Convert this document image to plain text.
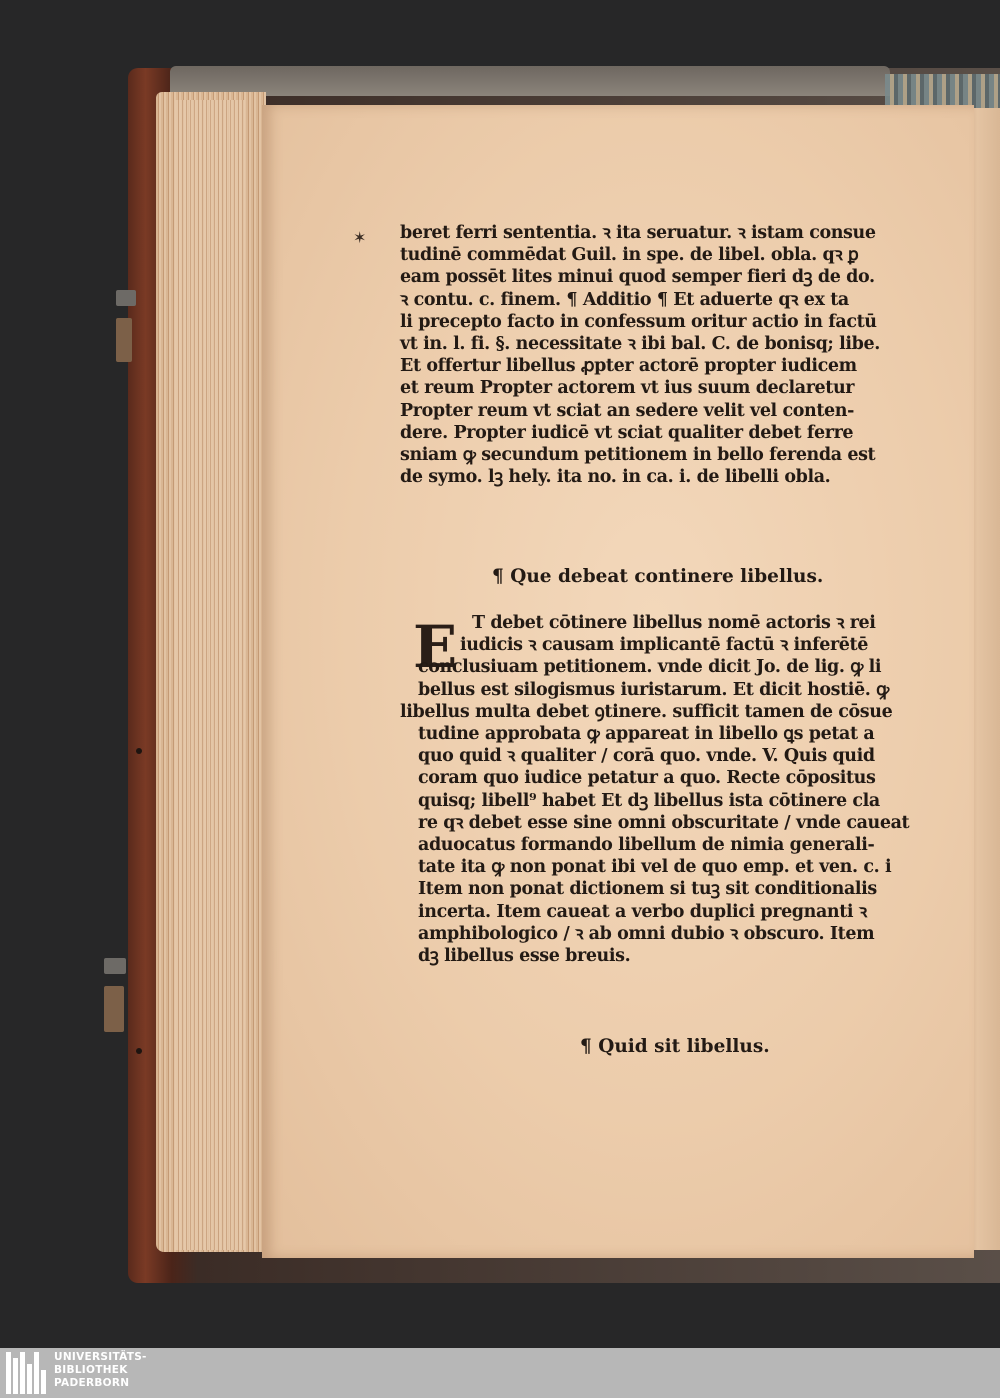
✶ beret ferri sententia. ꝛ ita seruatur. ꝛ istam consue
tudinē commēdat Guil. in spe. de libel. obla. qꝛ ꝑ
eam possēt lites minui quod semper fieri dꝫ de do.
ꝛ contu. c. finem. ¶ Additio ¶ Et aduerte qꝛ ex ta
li precepto facto in confessum oritur actio in factū
vt in. l. fi. §. necessitate ꝛ ibi bal. C. de bonisq; libe.
Et offertur libellus ꝓpter actorē propter iudicem
et reum Propter actorem vt ius suum declaretur
Propter reum vt sciat an sedere velit vel conten-
dere. Propter iudicē vt sciat qualiter debet ferre
sniam ꝙ secundum petitionem in bello ferenda est
de symo. lꝫ hely. ita no. in ca. i. de libelli obla.
¶ Que debeat continere libellus.
E T debet cōtinere libellus nomē actoris ꝛ rei
iudicis ꝛ causam implicantē factū ꝛ inferētē
conclusiuam petitionem. vnde dicit Jo. de lig. ꝙ li
bellus est silogismus iuristarum. Et dicit hostiē. ꝙ
libellus multa debet ꝯtinere. sufficit tamen de cōsue
tudine approbata ꝙ appareat in libello ꝗs petat a
quo quid ꝛ qualiter / corā quo. vnde. V. Quis quid
coram quo iudice petatur a quo. Recte cōpositus
quisq; libell⁹ habet Et dꝫ libellus ista cōtinere cla
re qꝛ debet esse sine omni obscuritate / vnde caueat
aduocatus formando libellum de nimia generali-
tate ita ꝙ non ponat ibi vel de quo emp. et ven. c. i
Item non ponat dictionem si tuꝫ sit conditionalis
incerta. Item caueat a verbo duplici pregnanti ꝛ
amphibologico / ꝛ ab omni dubio ꝛ obscuro. Item
dꝫ libellus esse breuis.
¶ Quid sit libellus.
UNIVERSITÄTS-
BIBLIOTHEK
PADERBORN
